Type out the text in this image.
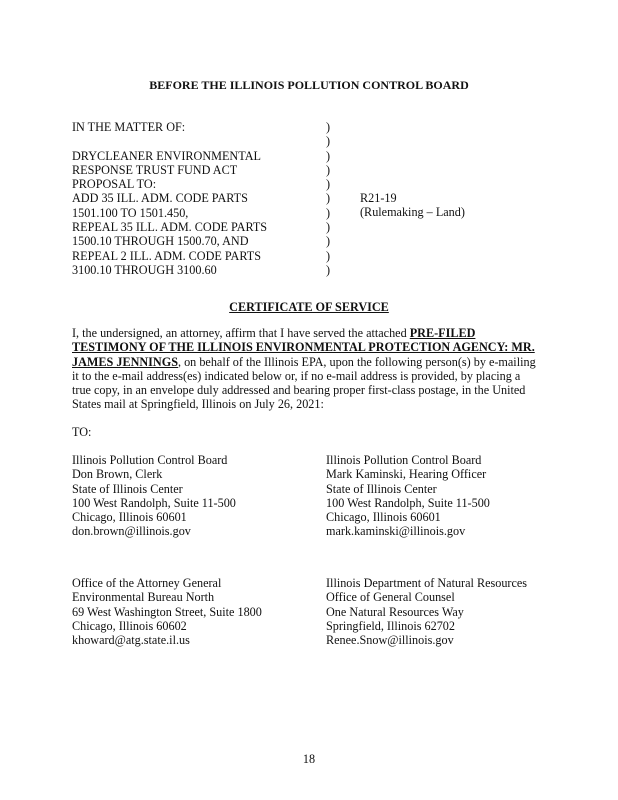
BEFORE THE ILLINOIS POLLUTION CONTROL BOARD
IN THE MATTER OF:
DRYCLEANER ENVIRONMENTAL
RESPONSE TRUST FUND ACT
PROPOSAL TO:
ADD 35 ILL. ADM. CODE PARTS
1501.100 TO 1501.450,
REPEAL 35 ILL. ADM. CODE PARTS
1500.10 THROUGH 1500.70, AND
REPEAL 2 ILL. ADM. CODE PARTS
3100.10 THROUGH 3100.60
)
)
)
)
)
)
)
)
)
)
)
R21-19
(Rulemaking – Land)
CERTIFICATE OF SERVICE
I, the undersigned, an attorney, affirm that I have served the attached PRE-FILED TESTIMONY OF THE ILLINOIS ENVIRONMENTAL PROTECTION AGENCY: MR. JAMES JENNINGS, on behalf of the Illinois EPA, upon the following person(s) by e-mailing it to the e-mail address(es) indicated below or, if no e-mail address is provided, by placing a true copy, in an envelope duly addressed and bearing proper first-class postage, in the United States mail at Springfield, Illinois on July 26, 2021:
TO:
Illinois Pollution Control Board
Don Brown, Clerk
State of Illinois Center
100 West Randolph, Suite 11-500
Chicago, Illinois 60601
don.brown@illinois.gov
Illinois Pollution Control Board
Mark Kaminski, Hearing Officer
State of Illinois Center
100 West Randolph, Suite 11-500
Chicago, Illinois 60601
mark.kaminski@illinois.gov
Office of the Attorney General
Environmental Bureau North
69 West Washington Street, Suite 1800
Chicago, Illinois 60602
khoward@atg.state.il.us
Illinois Department of Natural Resources
Office of General Counsel
One Natural Resources Way
Springfield, Illinois 62702
Renee.Snow@illinois.gov
18
